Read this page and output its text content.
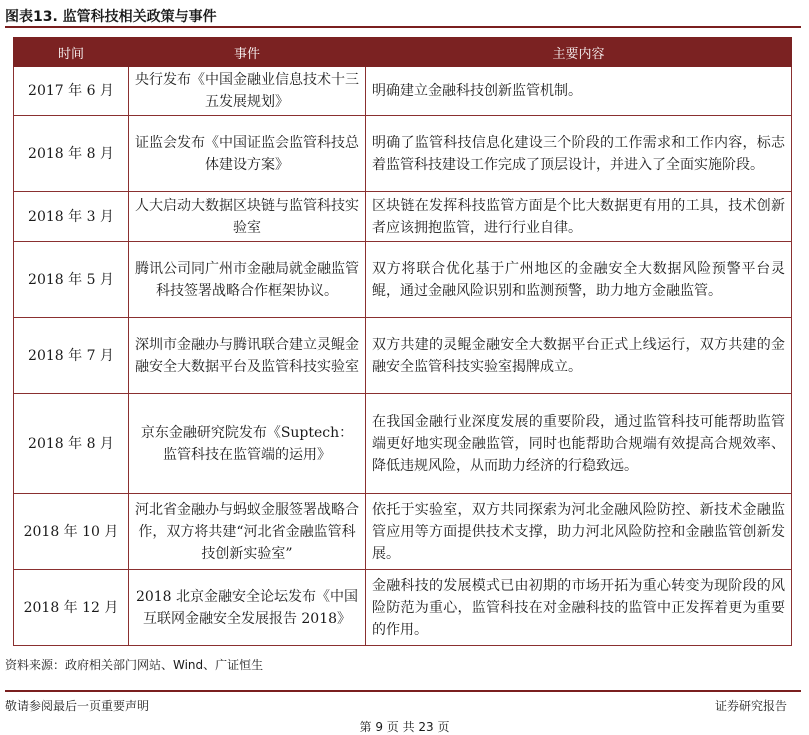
图表13. 监管科技相关政策与事件
时间	事件	主要内容
2017 年 6 月	央行发布《中国金融业信息技术十三五发展规划》	明确建立金融科技创新监管机制。
2018 年 8 月	证监会发布《中国证监会监管科技总体建设方案》	明确了监管科技信息化建设三个阶段的工作需求和工作内容，标志着监管科技建设工作完成了顶层设计，并进入了全面实施阶段。
2018 年 3 月	人大启动大数据区块链与监管科技实验室	区块链在发挥科技监管方面是个比大数据更有用的工具，技术创新者应该拥抱监管，进行行业自律。
2018 年 5 月	腾讯公司同广州市金融局就金融监管科技签署战略合作框架协议。	双方将联合优化基于广州地区的金融安全大数据风险预警平台灵鲲，通过金融风险识别和监测预警，助力地方金融监管。
2018 年 7 月	深圳市金融办与腾讯联合建立灵鲲金融安全大数据平台及监管科技实验室	双方共建的灵鲲金融安全大数据平台正式上线运行，双方共建的金融安全监管科技实验室揭牌成立。
2018 年 8 月	京东金融研究院发布《Suptech：监管科技在监管端的运用》	在我国金融行业深度发展的重要阶段，通过监管科技可能帮助监管端更好地实现金融监管，同时也能帮助合规端有效提高合规效率、降低违规风险，从而助力经济的行稳致远。
2018 年 10 月	河北省金融办与蚂蚁金服签署战略合作，双方将共建“河北省金融监管科技创新实验室”	依托于实验室，双方共同探索为河北金融风险防控、新技术金融监管应用等方面提供技术支撑，助力河北风险防控和金融监管创新发展。
2018 年 12 月	2018 北京金融安全论坛发布《中国互联网金融安全发展报告 2018》	金融科技的发展模式已由初期的市场开拓为重心转变为现阶段的风险防范为重心，监管科技在对金融科技的监管中正发挥着更为重要的作用。
资料来源：政府相关部门网站、Wind、广证恒生
敬请参阅最后一页重要声明	证券研究报告
第 9 页 共 23 页
